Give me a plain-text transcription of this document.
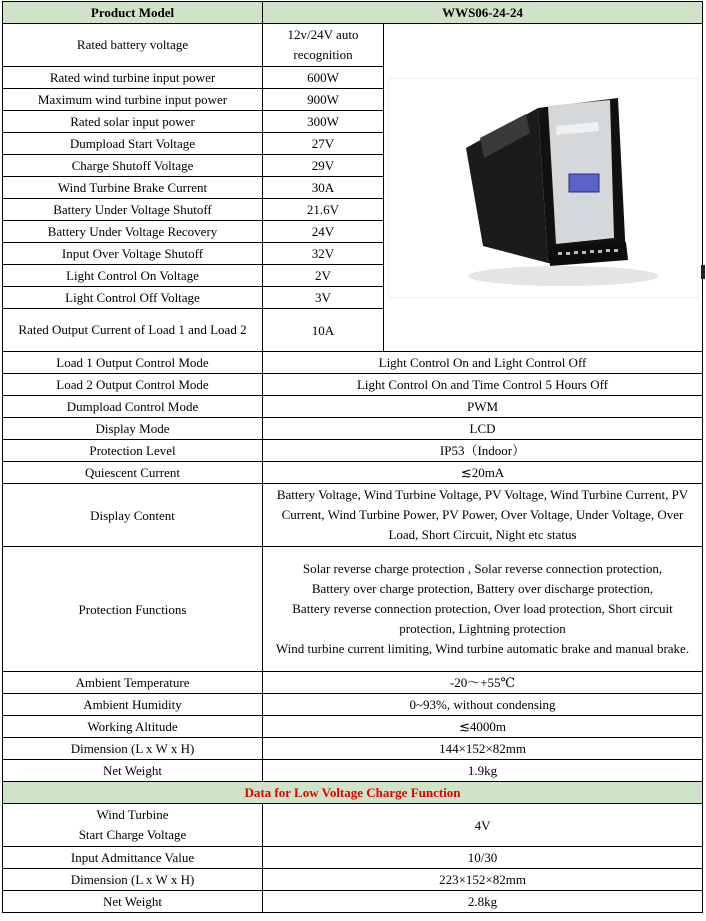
Product Model	WWS06-24-24	
Rated battery voltage	12v/24V auto recognition	

Rated wind turbine input power	600W	
Maximum wind turbine input power	900W	
Rated solar input power	300W	
Dumpload Start Voltage	27V	
Charge Shutoff Voltage	29V	
Wind Turbine Brake Current	30A	
Battery Under Voltage Shutoff	21.6V	
Battery Under Voltage Recovery	24V	
Input Over Voltage Shutoff	32V	
Light Control On Voltage	2V	
Light Control Off Voltage	3V	
Rated Output Current of Load 1 and Load 2	10A	
Load 1 Output Control Mode	Light Control On and Light Control Off	
Load 2 Output Control Mode	Light Control On and Time Control 5 Hours Off	
Dumpload Control Mode	PWM	
Display Mode	LCD	
Protection Level	IP53（Indoor）	
Quiescent Current	≲20mA	
Display Content	Battery Voltage, Wind Turbine Voltage, PV Voltage, Wind Turbine Current, PV Current, Wind Turbine Power, PV Power, Over Voltage, Under Voltage, Over Load, Short Circuit, Night etc status	
Protection Functions	Solar reverse charge protection , Solar reverse connection protection,
Battery over charge protection, Battery over discharge protection,
Battery reverse connection protection, Over load protection, Short circuit protection, Lightning protection
Wind turbine current limiting, Wind turbine automatic brake and manual brake.	

Ambient Temperature	-20～+55℃	
Ambient Humidity	0~93%, without condensing	
Working Altitude	≲4000m	
Dimension (L x W x H)	144×152×82mm	
Net Weight	1.9kg	
Data for Low Voltage Charge Function		

Wind Turbine
Start Charge Voltage	4V	
Input Admittance Value	10/30	
Dimension (L x W x H)	223×152×82mm	
Net Weight	2.8kg	
